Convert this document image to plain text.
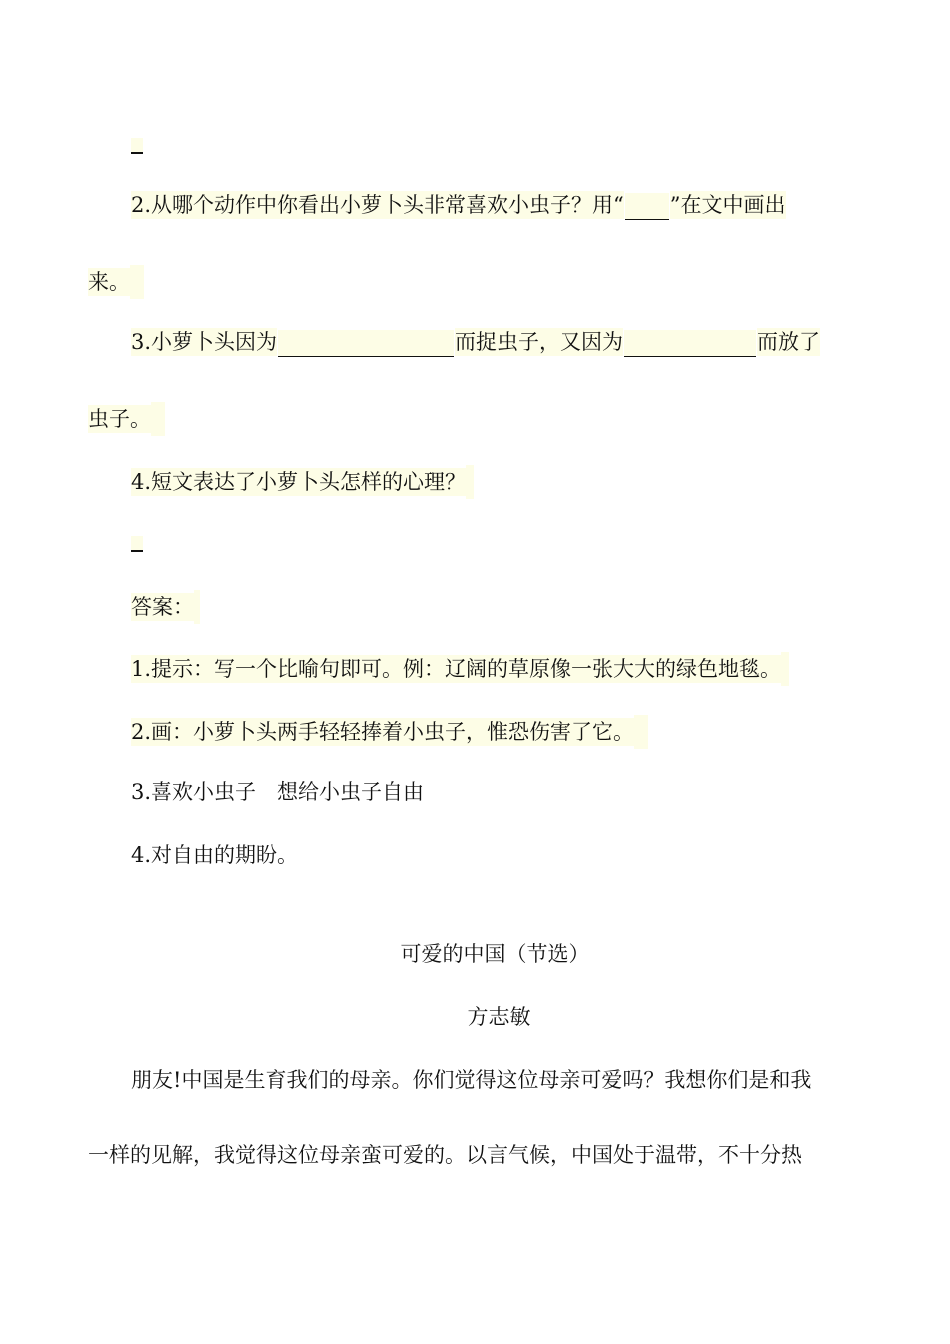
2.从哪个动作中你看出小萝卜头非常喜欢小虫子？用“ ”在文中画出
来。
3.小萝卜头因为	而捉虫子，又因为	而放了
虫子。
4.短文表达了小萝卜头怎样的心理？
答案：
1.提示：写一个比喻句即可。例：辽阔的草原像一张大大的绿色地毯。
2.画：小萝卜头两手轻轻捧着小虫子，惟恐伤害了它。
3.喜欢小虫子　想给小虫子自由
4.对自由的期盼。
可爱的中国（节选）
方志敏
朋友!中国是生育我们的母亲。你们觉得这位母亲可爱吗？我想你们是和我
一样的见解，我觉得这位母亲蛮可爱的。以言气候，中国处于温带，不十分热
